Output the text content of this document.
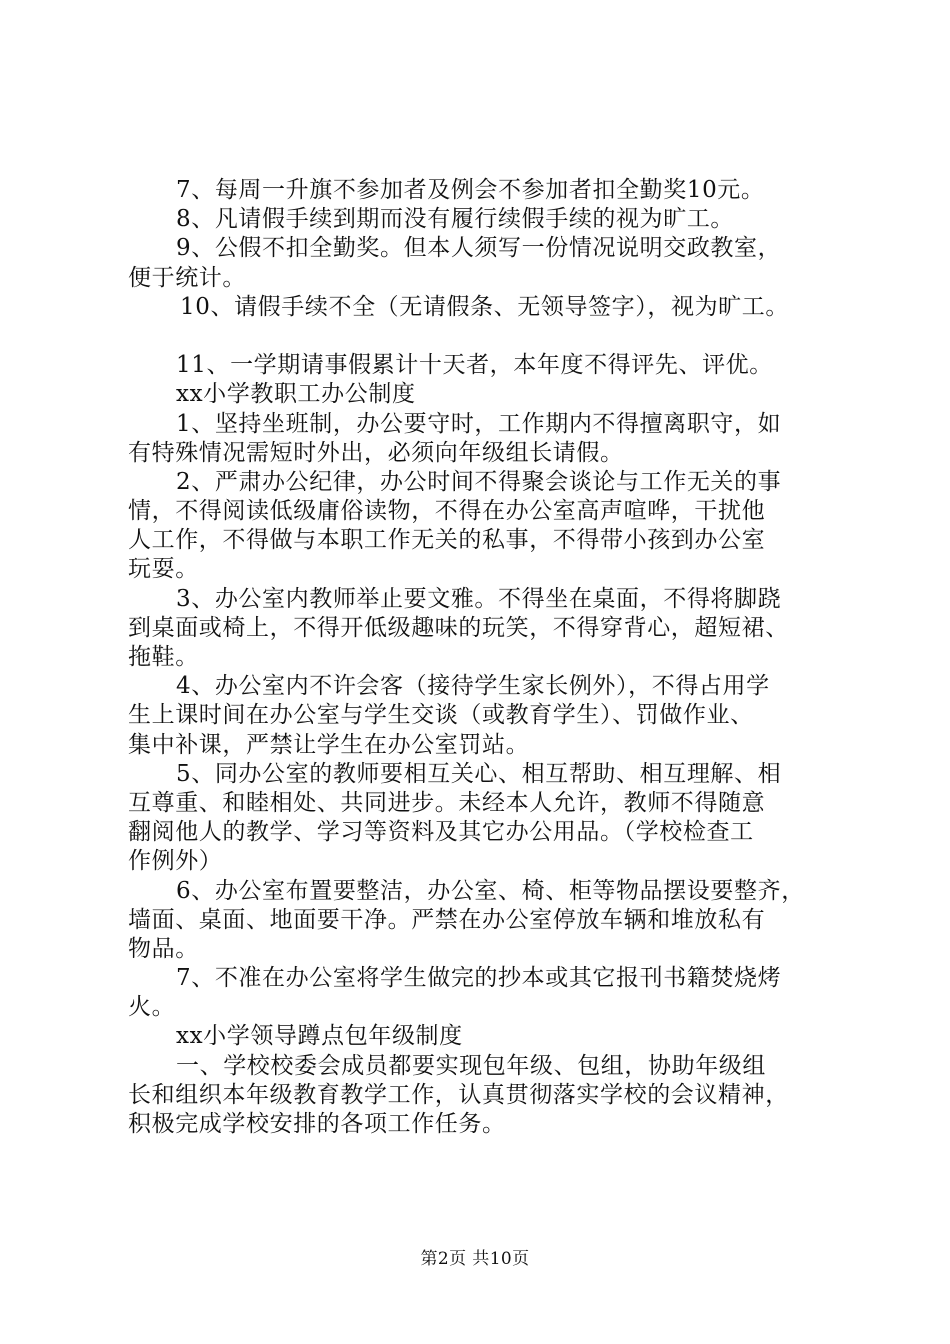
7、每周一升旗不参加者及例会不参加者扣全勤奖10元。
8、凡请假手续到期而没有履行续假手续的视为旷工。
9、公假不扣全勤奖。但本人须写一份情况说明交政教室，
便于统计。
10、请假手续不全（无请假条、无领导签字），视为旷工。
11、一学期请事假累计十天者，本年度不得评先、评优。
xx小学教职工办公制度
1、坚持坐班制，办公要守时，工作期内不得擅离职守，如
有特殊情况需短时外出，必须向年级组长请假。
2、严肃办公纪律，办公时间不得聚会谈论与工作无关的事
情，不得阅读低级庸俗读物，不得在办公室高声喧哗，干扰他
人工作，不得做与本职工作无关的私事，不得带小孩到办公室
玩耍。
3、办公室内教师举止要文雅。不得坐在桌面，不得将脚跷
到桌面或椅上，不得开低级趣味的玩笑，不得穿背心，超短裙、
拖鞋。
4、办公室内不许会客（接待学生家长例外），不得占用学
生上课时间在办公室与学生交谈（或教育学生）、罚做作业、
集中补课，严禁让学生在办公室罚站。
5、同办公室的教师要相互关心、相互帮助、相互理解、相
互尊重、和睦相处、共同进步。未经本人允许，教师不得随意
翻阅他人的教学、学习等资料及其它办公用品。（学校检查工
作例外）
6、办公室布置要整洁，办公室、椅、柜等物品摆设要整齐，
墙面、桌面、地面要干净。严禁在办公室停放车辆和堆放私有
物品。
7、不准在办公室将学生做完的抄本或其它报刊书籍焚烧烤
火。
xx小学领导蹲点包年级制度
一、学校校委会成员都要实现包年级、包组，协助年级组
长和组织本年级教育教学工作，认真贯彻落实学校的会议精神，
积极完成学校安排的各项工作任务。
第2页 共10页
